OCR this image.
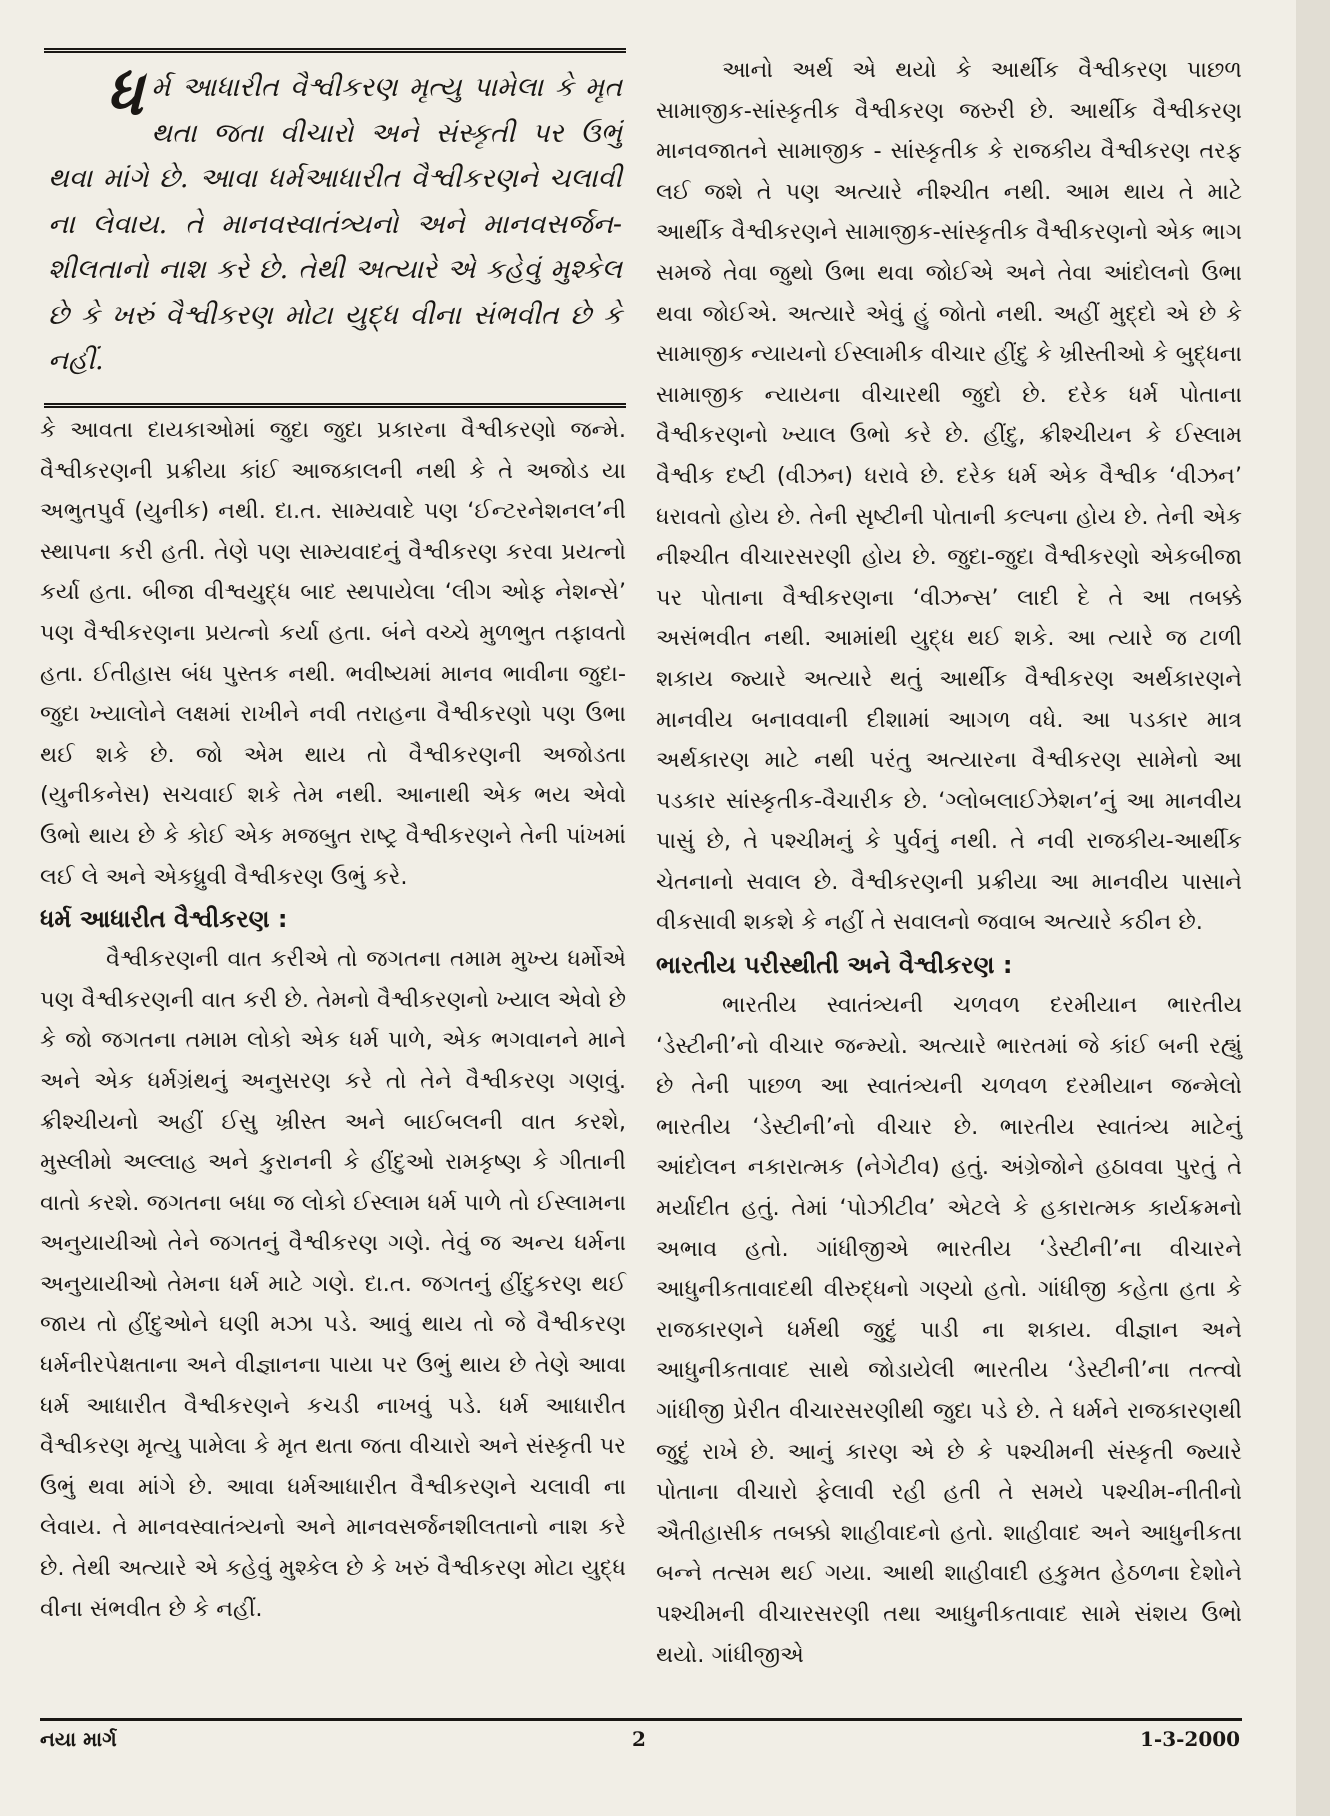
ધર્મ આધારીત વૈશ્વીકરણ મૃત્યુ પામેલા કે મૃત થતા જતા વીચારો અને સંસ્કૃતી પર ઉભું થવા માંગે છે. આવા ધર્મઆધારીત વૈશ્વીકરણને ચલાવી ના લેવાય. તે માનવસ્વાતંત્ર્યનો અને માનવસર્જન-શીલતાનો નાશ કરે છે. તેથી અત્યારે એ કહેવું મુશ્કેલ છે કે ખરું વૈશ્વીકરણ મોટા યુદ્ધ વીના સંભવીત છે કે નહીં.

કે આવતા દાયકાઓમાં જુદા જુદા પ્રકારના વૈશ્વીકરણો જન્મે. વૈશ્વીકરણની પ્રક્રીયા કાંઈ આજકાલની નથી કે તે અજોડ યા અભુતપુર્વ (યુનીક) નથી. દા.ત. સામ્યવાદે પણ ‘ઈન્ટરનેશનલ’ની સ્થાપના કરી હતી. તેણે પણ સામ્યવાદનું વૈશ્વીકરણ કરવા પ્રયત્નો કર્યા હતા. બીજા વીશ્વયુદ્ધ બાદ સ્થપાયેલા ‘લીગ ઓફ નેશન્સે’ પણ વૈશ્વીકરણના પ્રયત્નો કર્યા હતા. બંને વચ્ચે મુળભુત તફાવતો હતા. ઈતીહાસ બંધ પુસ્તક નથી. ભવીષ્યમાં માનવ ભાવીના જુદા-જુદા ખ્યાલોને લક્ષમાં રાખીને નવી તરાહના વૈશ્વીકરણો પણ ઉભા થઈ શકે છે. જો એમ થાય તો વૈશ્વીકરણની અજોડતા (યુનીકનેસ) સચવાઈ શકે તેમ નથી. આનાથી એક ભય એવો ઉભો થાય છે કે કોઈ એક મજબુત રાષ્ટ્ર વૈશ્વીકરણને તેની પાંખમાં લઈ લે અને એકધ્રુવી વૈશ્વીકરણ ઉભું કરે.

ધર્મ આધારીત વૈશ્વીકરણ :

વૈશ્વીકરણની વાત કરીએ તો જગતના તમામ મુખ્ય ધર્મોએ પણ વૈશ્વીકરણની વાત કરી છે. તેમનો વૈશ્વીકરણનો ખ્યાલ એવો છે કે જો જગતના તમામ લોકો એક ધર્મ પાળે, એક ભગવાનને માને અને એક ધર્મગ્રંથનું અનુસરણ કરે તો તેને વૈશ્વીકરણ ગણવું. ક્રીશ્ચીયનો અહીં ઈસુ ખ્રીસ્ત અને બાઈબલની વાત કરશે, મુસ્લીમો અલ્લાહ અને કુરાનની કે હીંદુઓ રામકૃષ્ણ કે ગીતાની વાતો કરશે. જગતના બધા જ લોકો ઈસ્લામ ધર્મ પાળે તો ઈસ્લામના અનુયાયીઓ તેને જગતનું વૈશ્વીકરણ ગણે. તેવું જ અન્ય ધર્મના અનુયાયીઓ તેમના ધર્મ માટે ગણે. દા.ત. જગતનું હીંદુકરણ થઈ જાય તો હીંદુઓને ઘણી મઝા પડે. આવું થાય તો જે વૈશ્વીકરણ ધર્મનીરપેક્ષતાના અને વીજ્ઞાનના પાયા પર ઉભું થાય છે તેણે આવા ધર્મ આધારીત વૈશ્વીકરણને કચડી નાખવું પડે. ધર્મ આધારીત વૈશ્વીકરણ મૃત્યુ પામેલા કે મૃત થતા જતા વીચારો અને સંસ્કૃતી પર ઉભું થવા માંગે છે. આવા ધર્મઆધારીત વૈશ્વીકરણને ચલાવી ના લેવાય. તે માનવસ્વાતંત્ર્યનો અને માનવસર્જનશીલતાનો નાશ કરે છે. તેથી અત્યારે એ કહેવું મુશ્કેલ છે કે ખરું વૈશ્વીકરણ મોટા યુદ્ધ વીના સંભવીત છે કે નહીં.

આનો અર્થ એ થયો કે આર્થીક વૈશ્વીકરણ પાછળ સામાજીક-સાંસ્કૃતીક વૈશ્વીકરણ જરુરી છે. આર્થીક વૈશ્વીકરણ માનવજાતને સામાજીક - સાંસ્કૃતીક કે રાજકીય વૈશ્વીકરણ તરફ લઈ જશે તે પણ અત્યારે નીશ્ચીત નથી. આમ થાય તે માટે આર્થીક વૈશ્વીકરણને સામાજીક-સાંસ્કૃતીક વૈશ્વીકરણનો એક ભાગ સમજે તેવા જુથો ઉભા થવા જોઈએ અને તેવા આંદોલનો ઉભા થવા જોઈએ. અત્યારે એવું હું જોતો નથી. અહીં મુદ્દો એ છે કે સામાજીક ન્યાયનો ઈસ્લામીક વીચાર હીંદુ કે ખ્રીસ્તીઓ કે બુદ્ધના સામાજીક ન્યાયના વીચારથી જુદો છે. દરેક ધર્મ પોતાના વૈશ્વીકરણનો ખ્યાલ ઉભો કરે છે. હીંદુ, ક્રીશ્ચીયન કે ઈસ્લામ વૈશ્વીક દષ્ટી (વીઝન) ધરાવે છે. દરેક ધર્મ એક વૈશ્વીક ‘વીઝન’ ધરાવતો હોય છે. તેની સૃષ્ટીની પોતાની કલ્પના હોય છે. તેની એક નીશ્ચીત વીચારસરણી હોય છે. જુદા-જુદા વૈશ્વીકરણો એકબીજા પર પોતાના વૈશ્વીકરણના ‘વીઝન્સ’ લાદી દે તે આ તબક્કે અસંભવીત નથી. આમાંથી યુદ્ધ થઈ શકે. આ ત્યારે જ ટાળી શકાય જ્યારે અત્યારે થતું આર્થીક વૈશ્વીકરણ અર્થકારણને માનવીય બનાવવાની દીશામાં આગળ વધે. આ પડકાર માત્ર અર્થકારણ માટે નથી પરંતુ અત્યારના વૈશ્વીકરણ સામેનો આ પડકાર સાંસ્કૃતીક-વૈચારીક છે. ‘ગ્લોબલાઈઝેશન’નું આ માનવીય પાસું છે, તે પશ્ચીમનું કે પુર્વનું નથી. તે નવી રાજકીય-આર્થીક ચેતનાનો સવાલ છે. વૈશ્વીકરણની પ્રક્રીયા આ માનવીય પાસાને વીકસાવી શકશે કે નહીં તે સવાલનો જવાબ અત્યારે કઠીન છે.

ભારતીય પરીસ્થીતી અને વૈશ્વીકરણ :

ભારતીય સ્વાતંત્ર્યની ચળવળ દરમીયાન ભારતીય ‘ડેસ્ટીની’નો વીચાર જન્મ્યો. અત્યારે ભારતમાં જે કાંઈ બની રહ્યું છે તેની પાછળ આ સ્વાતંત્ર્યની ચળવળ દરમીયાન જન્મેલો ભારતીય ‘ડેસ્ટીની’નો વીચાર છે. ભારતીય સ્વાતંત્ર્ય માટેનું આંદોલન નકારાત્મક (નેગેટીવ) હતું. અંગ્રેજોને હઠાવવા પુરતું તે મર્યાદીત હતું. તેમાં ‘પોઝીટીવ’ એટલે કે હકારાત્મક કાર્યક્રમનો અભાવ હતો. ગાંધીજીએ ભારતીય ‘ડેસ્ટીની’ના વીચારને આધુનીકતાવાદથી વીરુદ્ધનો ગણ્યો હતો. ગાંધીજી કહેતા હતા કે રાજકારણને ધર્મથી જુદું પાડી ના શકાય. વીજ્ઞાન અને આધુનીકતાવાદ સાથે જોડાયેલી ભારતીય ‘ડેસ્ટીની’ના તત્ત્વો ગાંધીજી પ્રેરીત વીચારસરણીથી જુદા પડે છે. તે ધર્મને રાજકારણથી જુદું રાખે છે. આનું કારણ એ છે કે પશ્ચીમની સંસ્કૃતી જ્યારે પોતાના વીચારો ફેલાવી રહી હતી તે સમયે પશ્ચીમ-નીતીનો ઐતીહાસીક તબક્કો શાહીવાદનો હતો. શાહીવાદ અને આધુનીકતા બન્ને તત્સમ થઈ ગયા. આથી શાહીવાદી હકુમત હેઠળના દેશોને પશ્ચીમની વીચારસરણી તથા આધુનીકતાવાદ સામે સંશય ઉભો થયો. ગાંધીજીએ

નયા માર્ગ	2	1-3-2000
